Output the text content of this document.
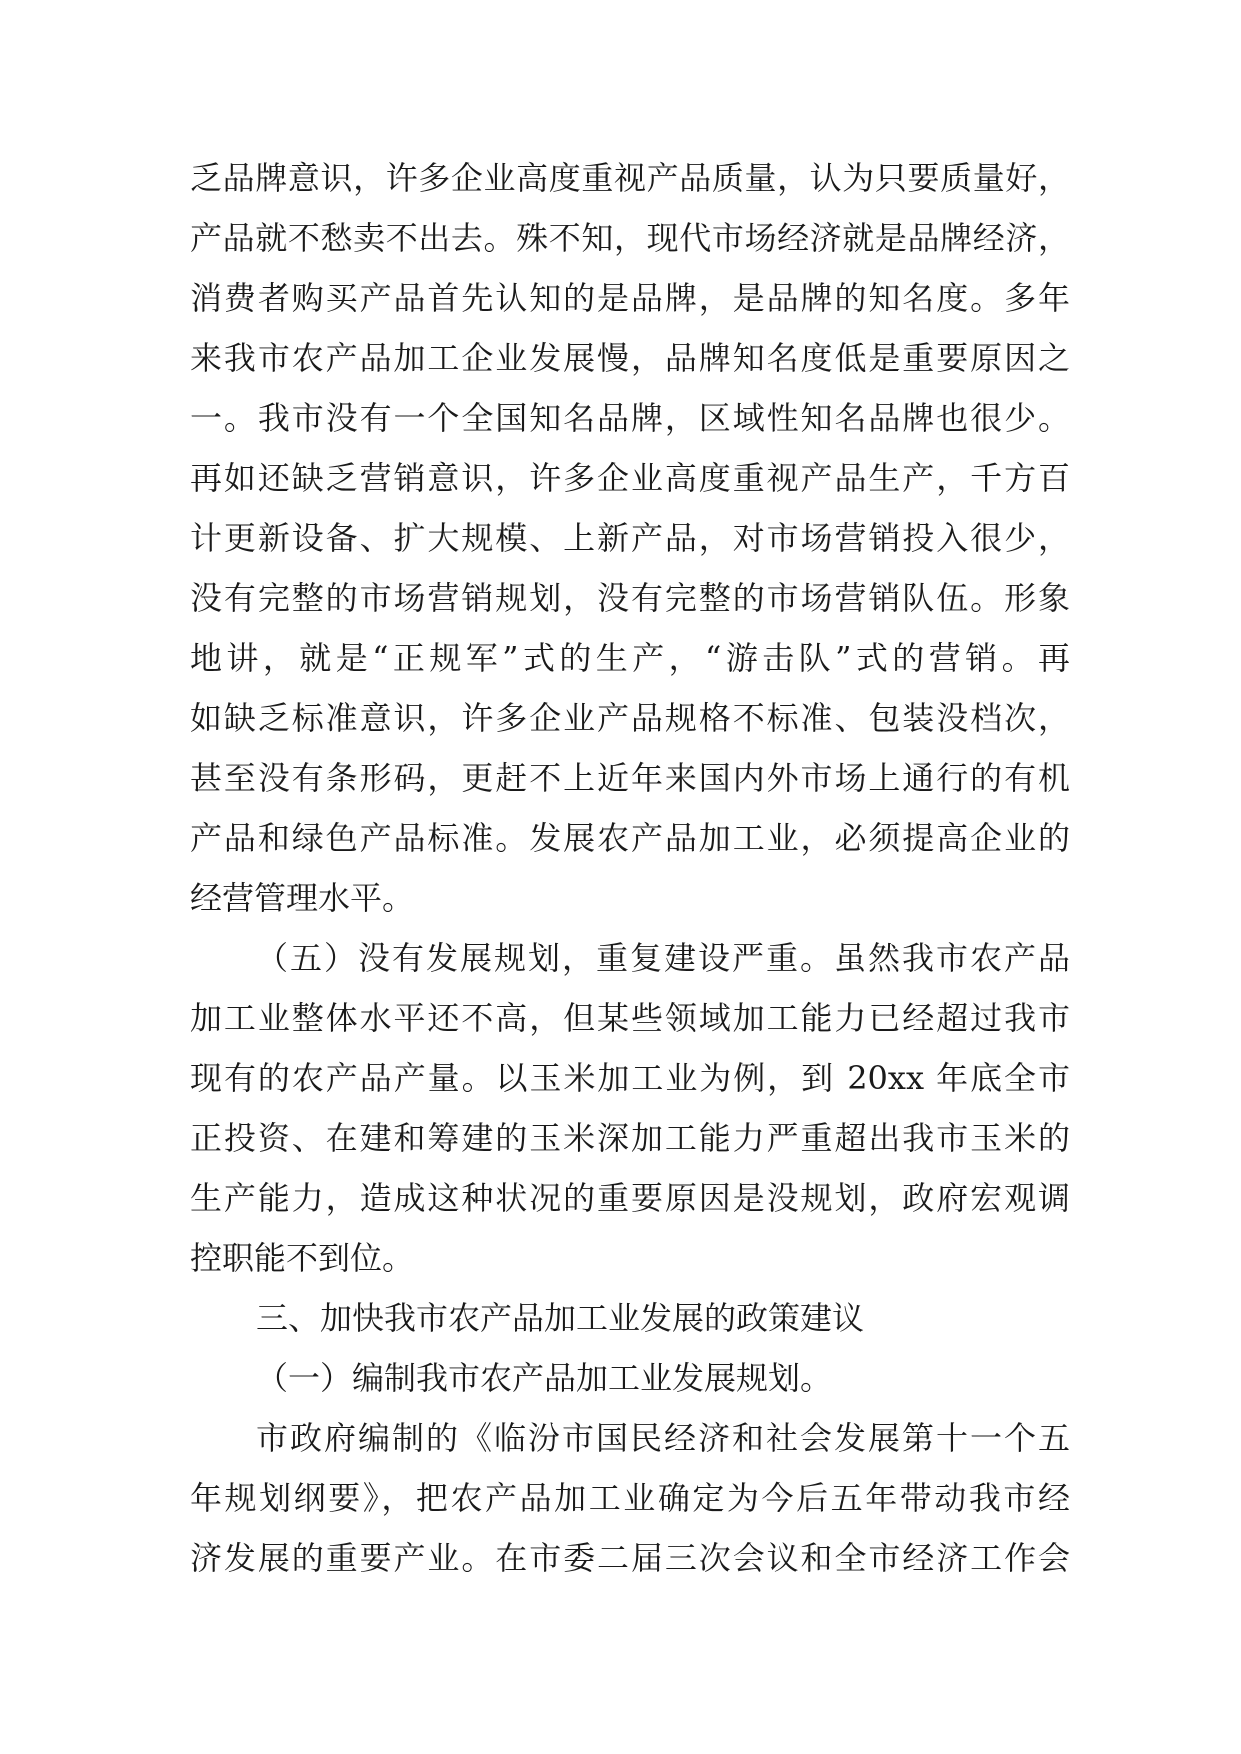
乏品牌意识，许多企业高度重视产品质量，认为只要质量好，
产品就不愁卖不出去。殊不知，现代市场经济就是品牌经济，
消费者购买产品首先认知的是品牌，是品牌的知名度。多年
来我市农产品加工企业发展慢，品牌知名度低是重要原因之
一。我市没有一个全国知名品牌，区域性知名品牌也很少。
再如还缺乏营销意识，许多企业高度重视产品生产，千方百
计更新设备、扩大规模、上新产品，对市场营销投入很少，
没有完整的市场营销规划，没有完整的市场营销队伍。形象
地讲，就是“正规军”式的生产，“游击队”式的营销。再
如缺乏标准意识，许多企业产品规格不标准、包装没档次，
甚至没有条形码，更赶不上近年来国内外市场上通行的有机
产品和绿色产品标准。发展农产品加工业，必须提高企业的
经营管理水平。
（五）没有发展规划，重复建设严重。虽然我市农产品
加工业整体水平还不高，但某些领域加工能力已经超过我市
现有的农产品产量。以玉米加工业为例，到 20xx 年底全市
正投资、在建和筹建的玉米深加工能力严重超出我市玉米的
生产能力，造成这种状况的重要原因是没规划，政府宏观调
控职能不到位。
三、加快我市农产品加工业发展的政策建议
（一）编制我市农产品加工业发展规划。
市政府编制的《临汾市国民经济和社会发展第十一个五
年规划纲要》，把农产品加工业确定为今后五年带动我市经
济发展的重要产业。在市委二届三次会议和全市经济工作会
